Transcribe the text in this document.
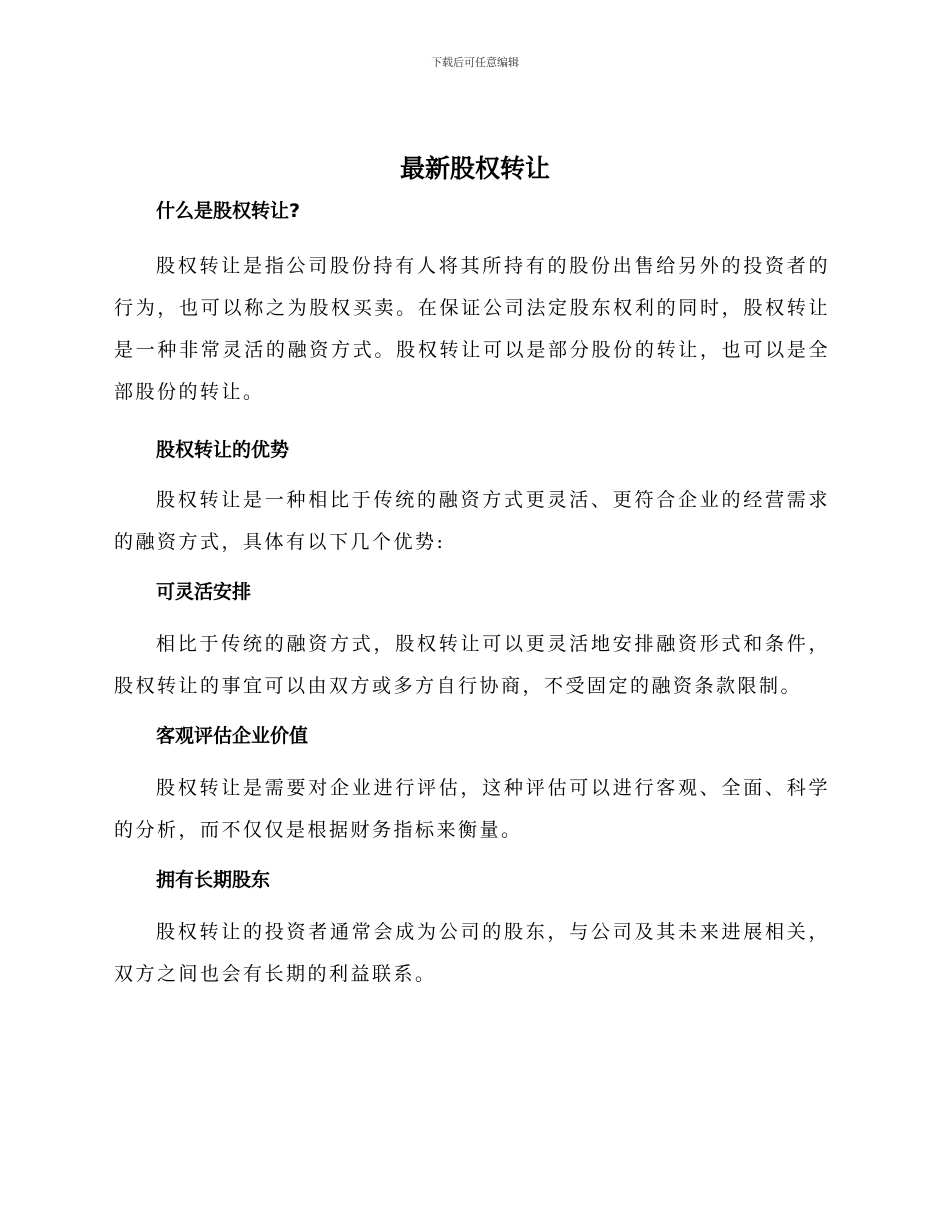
下载后可任意编辑
最新股权转让
什么是股权转让?

股权转让是指公司股份持有人将其所持有的股份出售给另外的投资者的行为，也可以称之为股权买卖。在保证公司法定股东权利的同时，股权转让是一种非常灵活的融资方式。股权转让可以是部分股份的转让，也可以是全部股份的转让。

股权转让的优势

股权转让是一种相比于传统的融资方式更灵活、更符合企业的经营需求的融资方式，具体有以下几个优势:

可灵活安排

相比于传统的融资方式，股权转让可以更灵活地安排融资形式和条件，股权转让的事宜可以由双方或多方自行协商，不受固定的融资条款限制。

客观评估企业价值

股权转让是需要对企业进行评估，这种评估可以进行客观、全面、科学的分析，而不仅仅是根据财务指标来衡量。

拥有长期股东

股权转让的投资者通常会成为公司的股东，与公司及其未来进展相关，双方之间也会有长期的利益联系。
